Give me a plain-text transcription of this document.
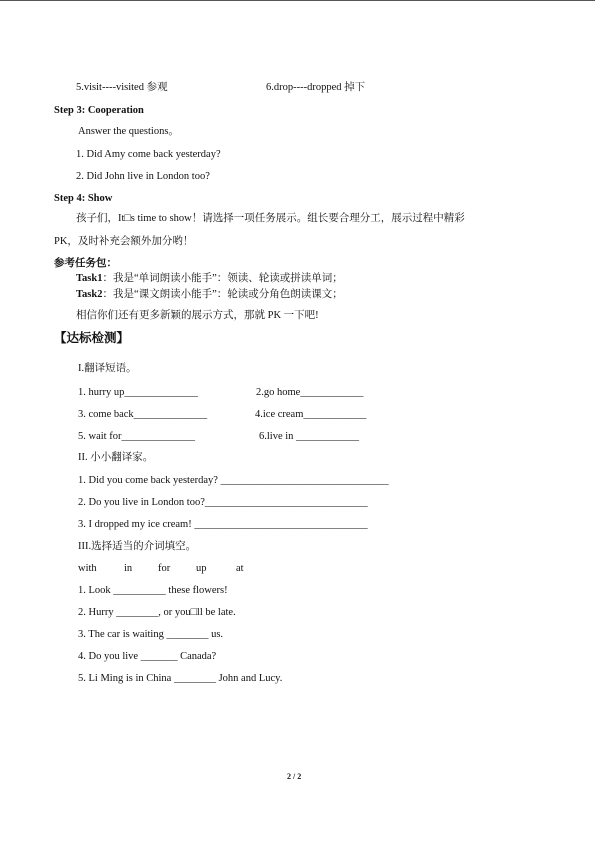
5.visit----visited 参观	6.drop----dropped 掉下
Step 3: Cooperation
Answer the questions。
1. Did Amy come back yesterday?
2. Did John live in London too?
Step 4: Show
孩子们，It□s time to show！请选择一项任务展示。组长要合理分工，展示过程中精彩
PK，及时补充会额外加分哟！
参考任务包：
Task1：我是“单词朗读小能手”：领读、轮读或拼读单词；
Task2：我是“课文朗读小能手”：轮读或分角色朗读课文；
相信你们还有更多新颖的展示方式，那就 PK 一下吧!
【达标检测】
I.翻译短语。
1. hurry up______________	2.go home____________
3. come back______________	4.ice cream____________
5. wait for______________	6.live in ____________
II. 小小翻译家。
1. Did you come back yesterday? ________________________________
2. Do you live in London too?_______________________________
3. I dropped my ice cream! _________________________________
III.选择适当的介词填空。
with	in for up	at
1. Look __________ these flowers!
2. Hurry ________, or you□ll be late.
3. The car is waiting ________ us.
4. Do you live _______ Canada?
5. Li Ming is in China ________ John and Lucy.
2 / 2
